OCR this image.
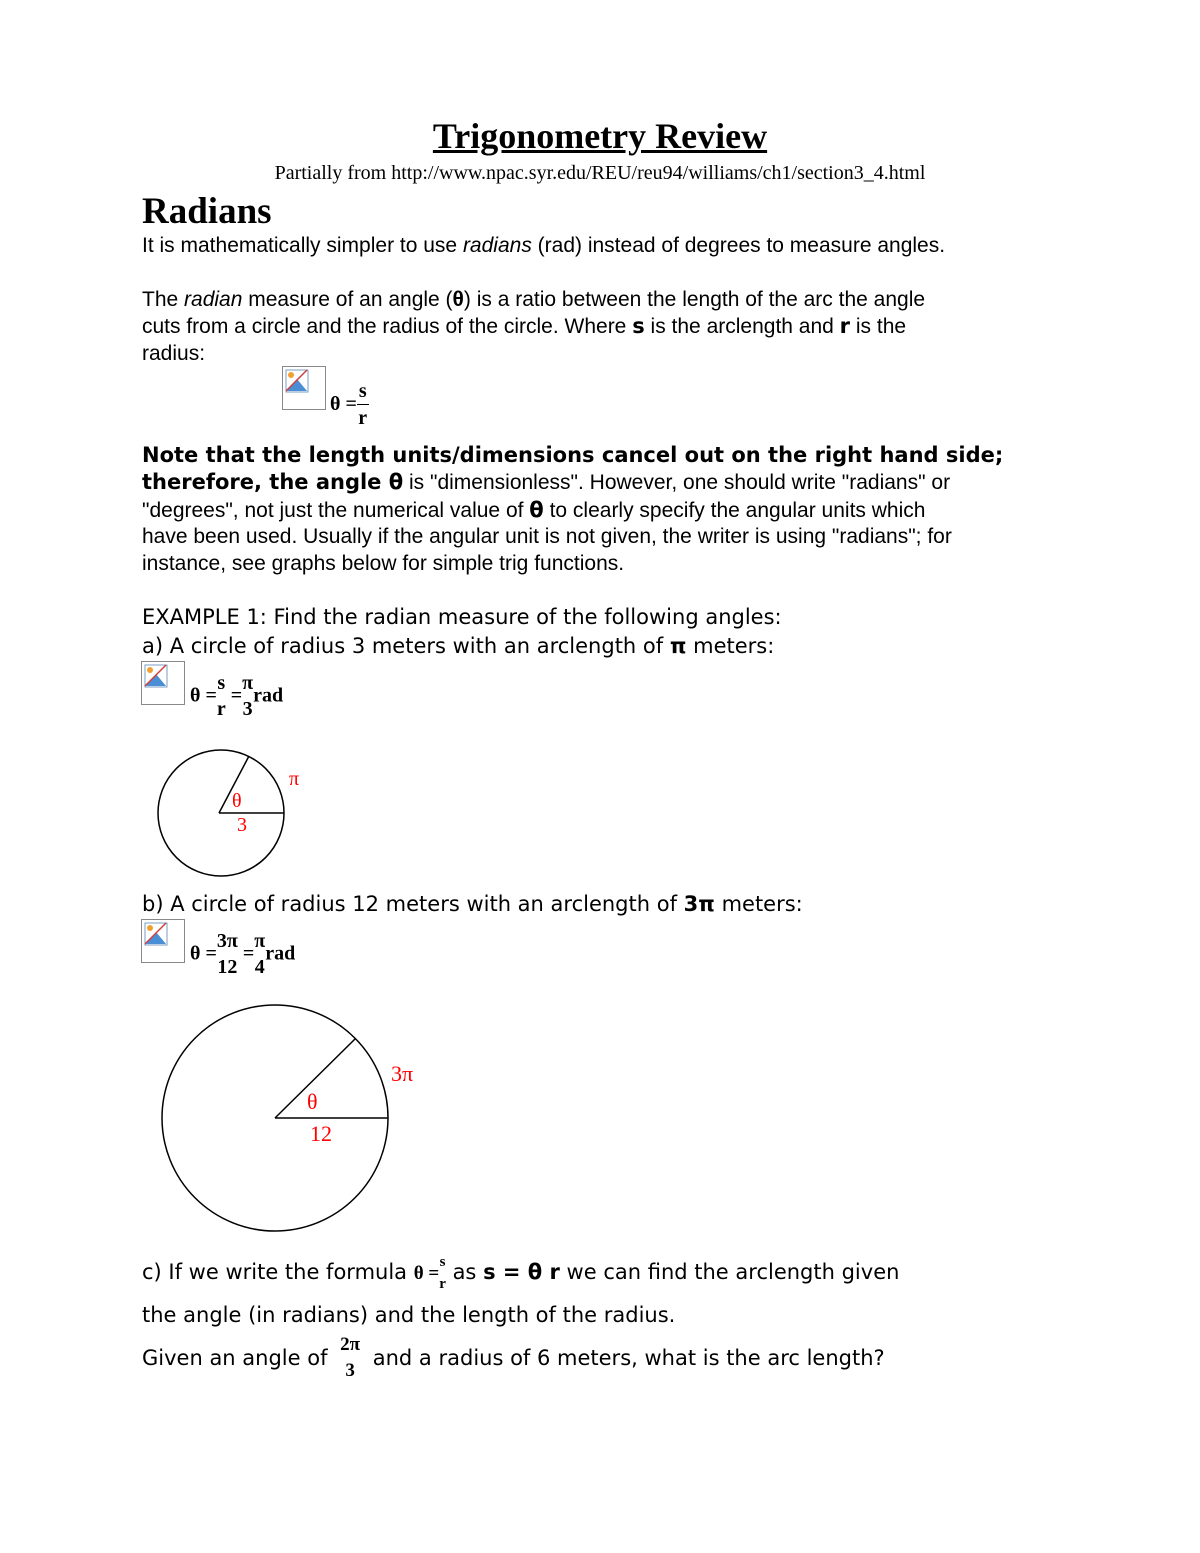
Trigonometry Review
Partially from http://www.npac.syr.edu/REU/reu94/williams/ch1/section3_4.html
Radians
It is mathematically simpler to use radians (rad) instead of degrees to measure angles.
The radian measure of an angle (θ) is a ratio between the length of the arc the angle
cuts from a circle and the radius of the circle. Where s is the arclength and r is the
radius:
$\theta = \frac{s}{r}$
Note that the length units/dimensions cancel out on the right hand side;
therefore, the angle θ is "dimensionless". However, one should write "radians" or
"degrees", not just the numerical value of θ to clearly specify the angular units which
have been used. Usually if the angular unit is not given, the writer is using "radians"; for
instance, see graphs below for simple trig functions.
EXAMPLE 1: Find the radian measure of the following angles:
a) A circle of radius 3 meters with an arclength of π meters:
θ =
s
r
=
π
3
rad
θ
3
π
b) A circle of radius 12 meters with an arclength of 3π meters:
θ =
3π
12
=
π
4
rad
θ
12
3π
c) If we write the formula θ =
s
r as s = θ r we can find the arclength given
the angle (in radians) and the length of the radius.
Given an angle of
2π
3
and a radius of 6 meters, what is the arc length?
